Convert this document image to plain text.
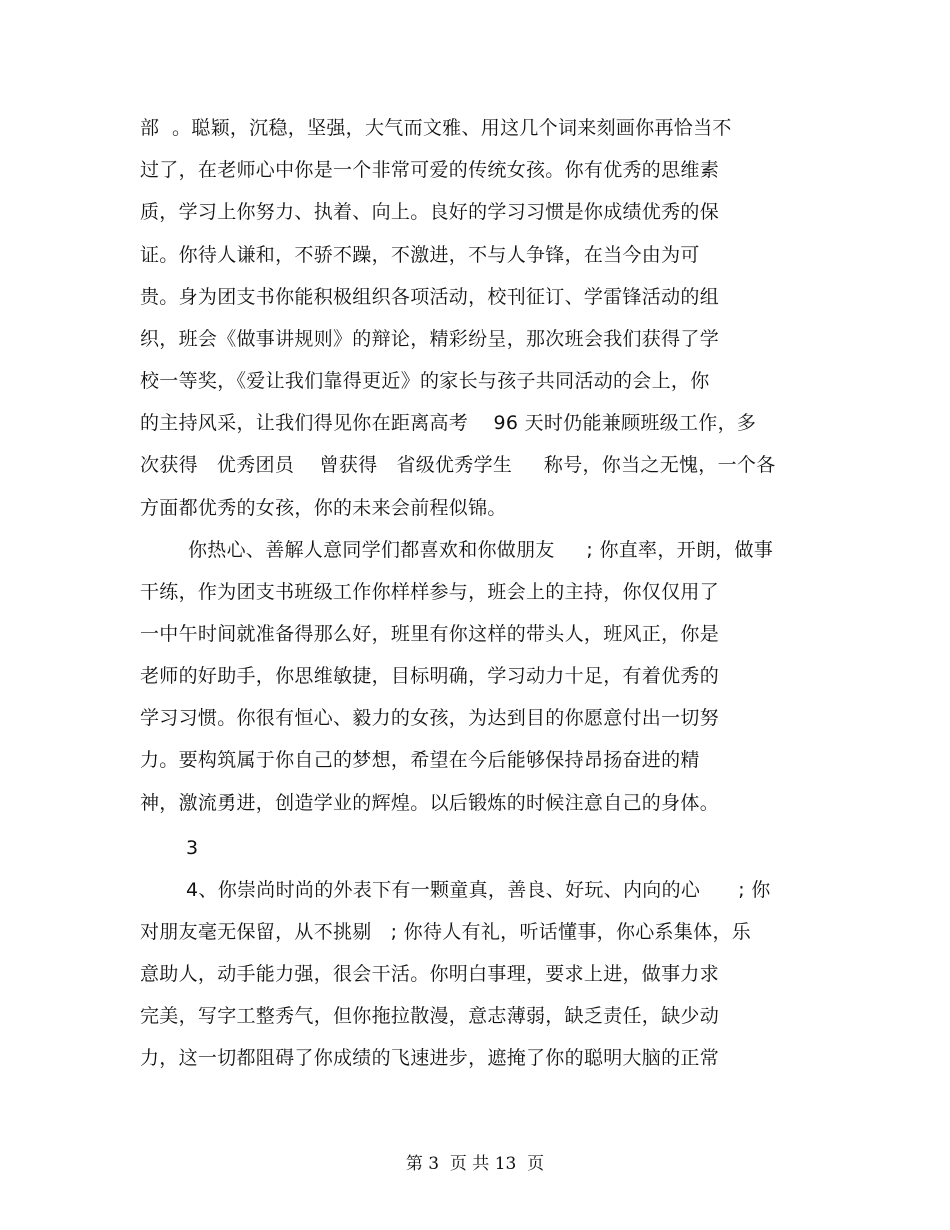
部  。聪颖，沉稳，坚强，大气而文雅、用这几个词来刻画你再恰当不
过了，在老师心中你是一个非常可爱的传统女孩。你有优秀的思维素
质，学习上你努力、执着、向上。良好的学习习惯是你成绩优秀的保
证。你待人谦和，不骄不躁，不激进，不与人争锋，在当今由为可
贵。身为团支书你能积极组织各项活动，校刊征订、学雷锋活动的组
织，班会《做事讲规则》的辩论，精彩纷呈，那次班会我们获得了学
校一等奖，《爱让我们靠得更近》的家长与孩子共同活动的会上，你
的主持风采，让我们得见你在距离高考    96 天时仍能兼顾班级工作，多
次获得   优秀团员    曾获得   省级优秀学生     称号，你当之无愧，一个各
方面都优秀的女孩，你的未来会前程似锦。
你热心、善解人意同学们都喜欢和你做朋友     ; 你直率，开朗，做事
干练，作为团支书班级工作你样样参与，班会上的主持，你仅仅用了
一中午时间就准备得那么好，班里有你这样的带头人，班风正，你是
老师的好助手，你思维敏捷，目标明确，学习动力十足，有着优秀的
学习习惯。你很有恒心、毅力的女孩，为达到目的你愿意付出一切努
力。要构筑属于你自己的梦想，希望在今后能够保持昂扬奋进的精
神，激流勇进，创造学业的辉煌。以后锻炼的时候注意自己的身体。
3
4、你崇尚时尚的外表下有一颗童真，善良、好玩、内向的心      ; 你
对朋友毫无保留，从不挑剔   ; 你待人有礼，听话懂事，你心系集体，乐
意助人，动手能力强，很会干活。你明白事理，要求上进，做事力求
完美，写字工整秀气，但你拖拉散漫，意志薄弱，缺乏责任，缺少动
力，这一切都阻碍了你成绩的飞速进步，遮掩了你的聪明大脑的正常
第 3  页 共 13  页
